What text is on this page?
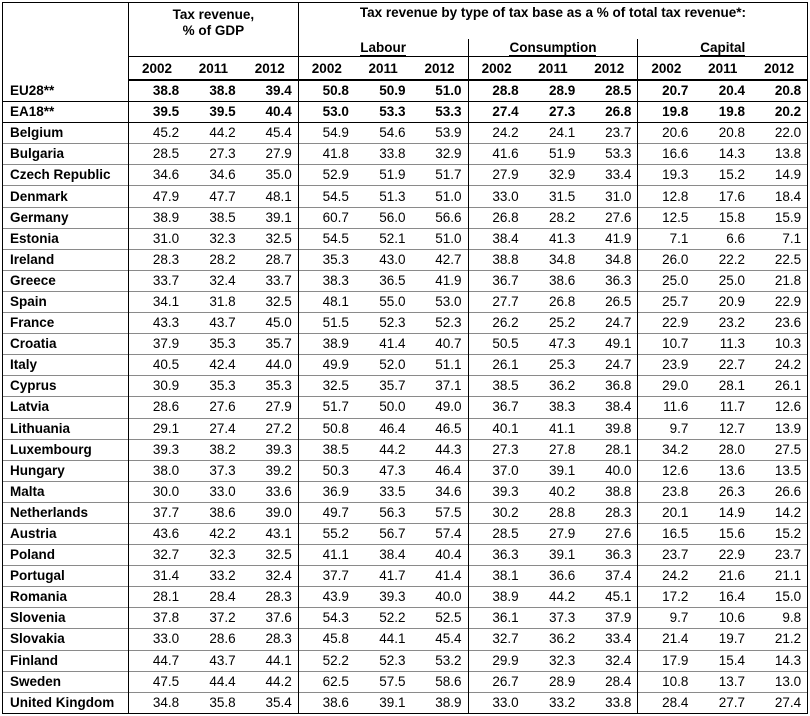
	Tax revenue,
% of GDP			Tax revenue by type of tax base as a % of total tax revenue*:								
				Labour			Consumption			Capital		
	2002	2011	2012	2002	2011	2012	2002	2011	2012	2002	2011	2012
EU28**	38.8	38.8	39.4	50.8	50.9	51.0	28.8	28.9	28.5	20.7	20.4	20.8
EA18**	39.5	39.5	40.4	53.0	53.3	53.3	27.4	27.3	26.8	19.8	19.8	20.2
Belgium	45.2	44.2	45.4	54.9	54.6	53.9	24.2	24.1	23.7	20.6	20.8	22.0
Bulgaria	28.5	27.3	27.9	41.8	33.8	32.9	41.6	51.9	53.3	16.6	14.3	13.8
Czech Republic	34.6	34.6	35.0	52.9	51.9	51.7	27.9	32.9	33.4	19.3	15.2	14.9
Denmark	47.9	47.7	48.1	54.5	51.3	51.0	33.0	31.5	31.0	12.8	17.6	18.4
Germany	38.9	38.5	39.1	60.7	56.0	56.6	26.8	28.2	27.6	12.5	15.8	15.9
Estonia	31.0	32.3	32.5	54.5	52.1	51.0	38.4	41.3	41.9	7.1	6.6	7.1
Ireland	28.3	28.2	28.7	35.3	43.0	42.7	38.8	34.8	34.8	26.0	22.2	22.5
Greece	33.7	32.4	33.7	38.3	36.5	41.9	36.7	38.6	36.3	25.0	25.0	21.8
Spain	34.1	31.8	32.5	48.1	55.0	53.0	27.7	26.8	26.5	25.7	20.9	22.9
France	43.3	43.7	45.0	51.5	52.3	52.3	26.2	25.2	24.7	22.9	23.2	23.6
Croatia	37.9	35.3	35.7	38.9	41.4	40.7	50.5	47.3	49.1	10.7	11.3	10.3
Italy	40.5	42.4	44.0	49.9	52.0	51.1	26.1	25.3	24.7	23.9	22.7	24.2
Cyprus	30.9	35.3	35.3	32.5	35.7	37.1	38.5	36.2	36.8	29.0	28.1	26.1
Latvia	28.6	27.6	27.9	51.7	50.0	49.0	36.7	38.3	38.4	11.6	11.7	12.6
Lithuania	29.1	27.4	27.2	50.8	46.4	46.5	40.1	41.1	39.8	9.7	12.7	13.9
Luxembourg	39.3	38.2	39.3	38.5	44.2	44.3	27.3	27.8	28.1	34.2	28.0	27.5
Hungary	38.0	37.3	39.2	50.3	47.3	46.4	37.0	39.1	40.0	12.6	13.6	13.5
Malta	30.0	33.0	33.6	36.9	33.5	34.6	39.3	40.2	38.8	23.8	26.3	26.6
Netherlands	37.7	38.6	39.0	49.7	56.3	57.5	30.2	28.8	28.3	20.1	14.9	14.2
Austria	43.6	42.2	43.1	55.2	56.7	57.4	28.5	27.9	27.6	16.5	15.6	15.2
Poland	32.7	32.3	32.5	41.1	38.4	40.4	36.3	39.1	36.3	23.7	22.9	23.7
Portugal	31.4	33.2	32.4	37.7	41.7	41.4	38.1	36.6	37.4	24.2	21.6	21.1
Romania	28.1	28.4	28.3	43.9	39.3	40.0	38.9	44.2	45.1	17.2	16.4	15.0
Slovenia	37.8	37.2	37.6	54.3	52.2	52.5	36.1	37.3	37.9	9.7	10.6	9.8
Slovakia	33.0	28.6	28.3	45.8	44.1	45.4	32.7	36.2	33.4	21.4	19.7	21.2
Finland	44.7	43.7	44.1	52.2	52.3	53.2	29.9	32.3	32.4	17.9	15.4	14.3
Sweden	47.5	44.4	44.2	62.5	57.5	58.6	26.7	28.9	28.4	10.8	13.7	13.0
United Kingdom	34.8	35.8	35.4	38.6	39.1	38.9	33.0	33.2	33.8	28.4	27.7	27.4
